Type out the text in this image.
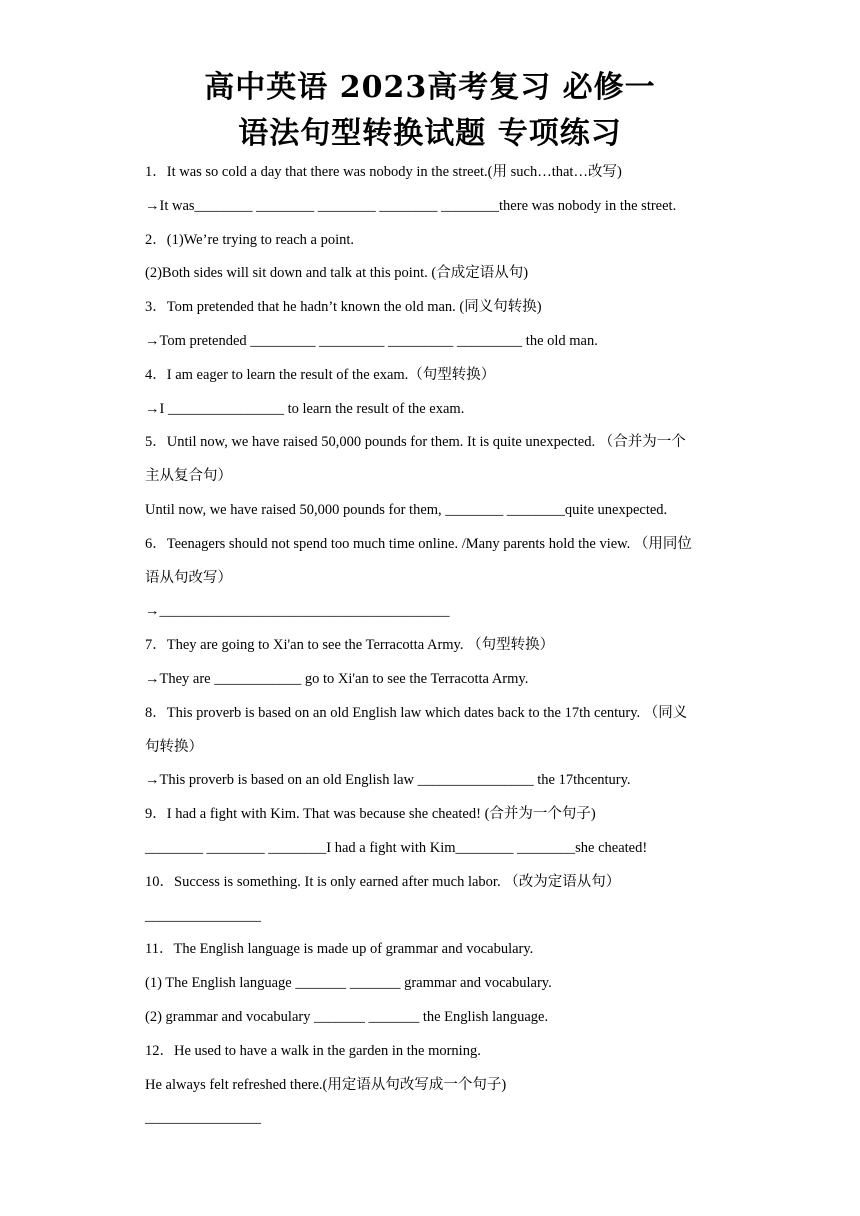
高中英语 2023高考复习 必修一
语法句型转换试题 专项练习
1．It was so cold a day that there was nobody in the street.(用 such…that…改写)
→It was________ ________ ________ ________ ________there was nobody in the street.
2．(1)We’re trying to reach a point.
(2)Both sides will sit down and talk at this point. (合成定语从句)
3．Tom pretended that he hadn’t known the old man. (同义句转换)
→Tom pretended _________ _________ _________ _________ the old man.
4．I am eager to learn the result of the exam.（句型转换）
→I ________________ to learn the result of the exam.
5．Until now, we have raised 50,000 pounds for them. It is quite unexpected. （合并为一个
主从复合句）
Until now, we have raised 50,000 pounds for them, ________ ________quite unexpected.
6．Teenagers should not spend too much time online. /Many parents hold the view. （用同位
语从句改写）
→________________________________________
7．They are going to Xi'an to see the Terracotta Army. （句型转换）
→They are ____________ go to Xi'an to see the Terracotta Army.
8．This proverb is based on an old English law which dates back to the 17th century. （同义
句转换）
→This proverb is based on an old English law ________________ the 17thcentury.
9．I had a fight with Kim. That was because she cheated! (合并为一个句子)
________ ________ ________I had a fight with Kim________ ________she cheated!
10．Success is something. It is only earned after much labor. （改为定语从句）
________________
11．The English language is made up of grammar and vocabulary.
(1) The English language _______ _______ grammar and vocabulary.
(2) grammar and vocabulary _______ _______ the English language.
12．He used to have a walk in the garden in the morning.
He always felt refreshed there.(用定语从句改写成一个句子)
________________
